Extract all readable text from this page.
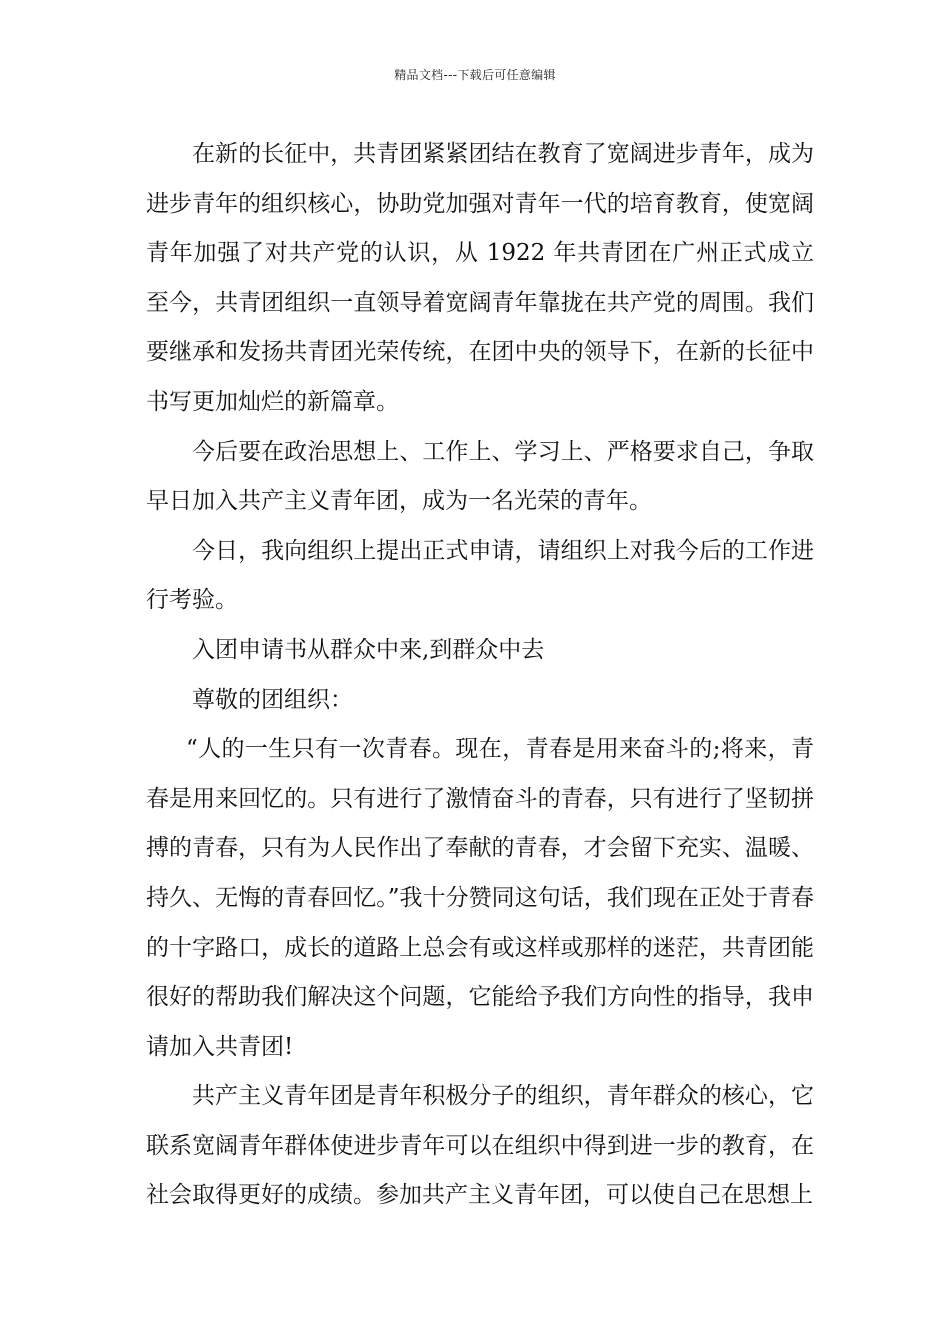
精品文档---下载后可任意编辑

在新的长征中，共青团紧紧团结在教育了宽阔进步青年，成为进步青年的组织核心，协助党加强对青年一代的培育教育，使宽阔青年加强了对共产党的认识，从 1922 年共青团在广州正式成立至今，共青团组织一直领导着宽阔青年靠拢在共产党的周围。我们要继承和发扬共青团光荣传统，在团中央的领导下，在新的长征中书写更加灿烂的新篇章。

今后要在政治思想上、工作上、学习上、严格要求自己，争取早日加入共产主义青年团，成为一名光荣的青年。

今日，我向组织上提出正式申请，请组织上对我今后的工作进行考验。

入团申请书从群众中来,到群众中去

尊敬的团组织：

“人的一生只有一次青春。现在，青春是用来奋斗的;将来，青春是用来回忆的。只有进行了激情奋斗的青春，只有进行了坚韧拼搏的青春，只有为人民作出了奉献的青春，才会留下充实、温暖、持久、无悔的青春回忆。”我十分赞同这句话，我们现在正处于青春的十字路口，成长的道路上总会有或这样或那样的迷茫，共青团能很好的帮助我们解决这个问题，它能给予我们方向性的指导，我申请加入共青团!

共产主义青年团是青年积极分子的组织，青年群众的核心，它联系宽阔青年群体使进步青年可以在组织中得到进一步的教育，在社会取得更好的成绩。参加共产主义青年团，可以使自己在思想上
